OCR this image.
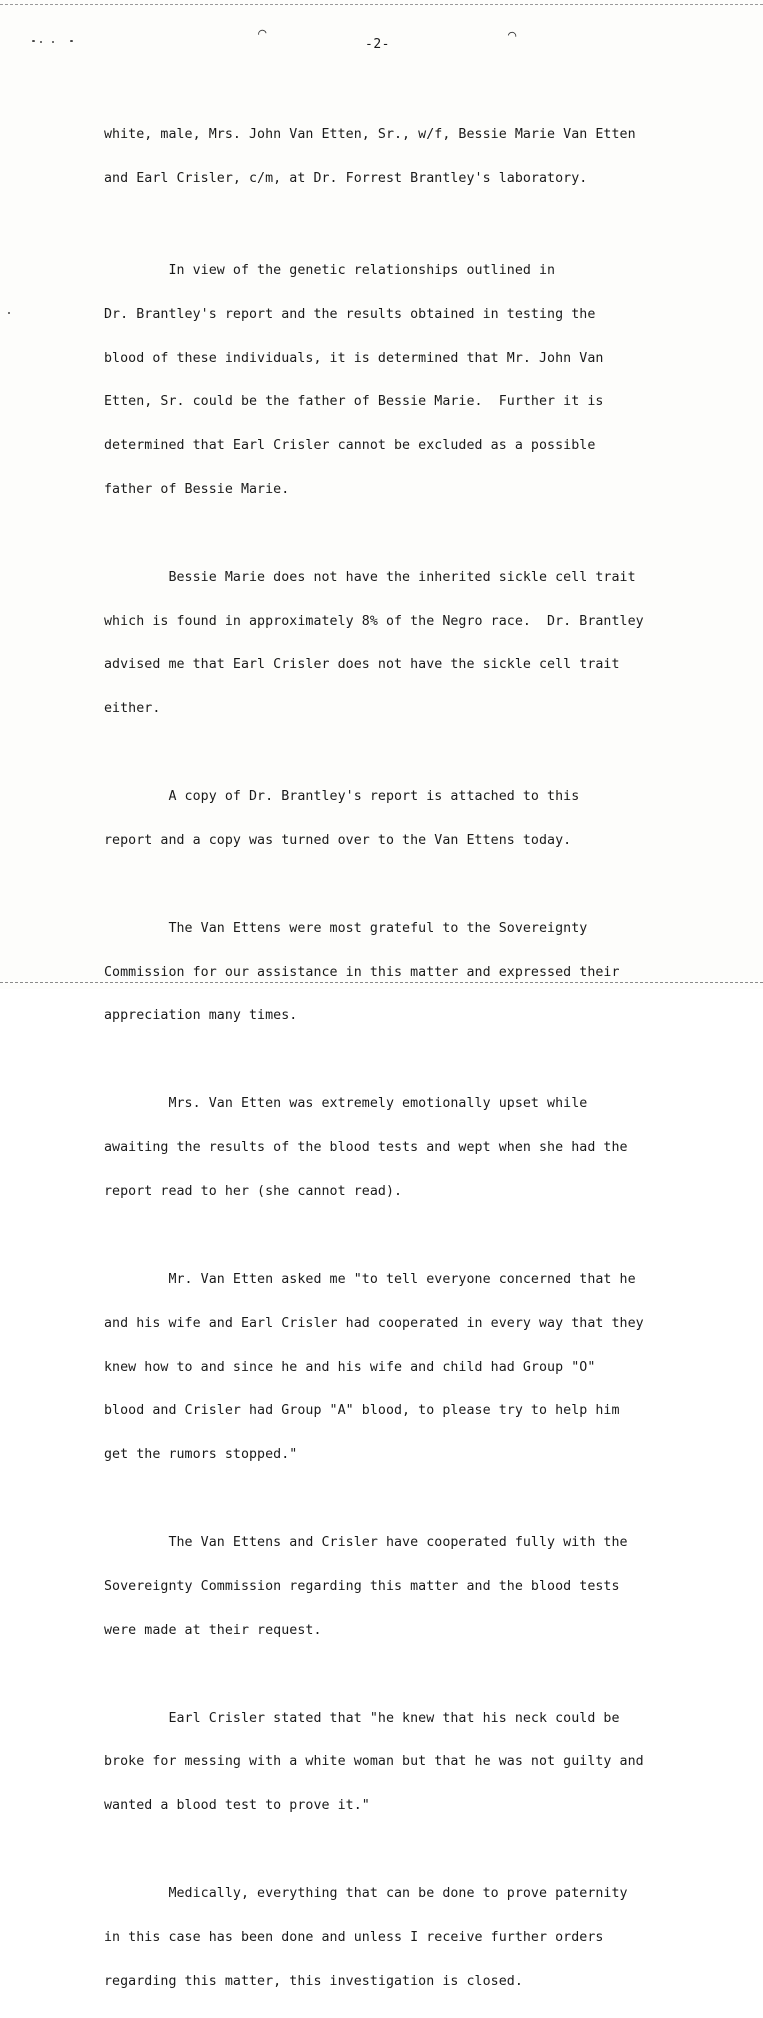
⌒	⌒
-2-

white, male, Mrs. John Van Etten, Sr., w/f, Bessie Marie Van Etten

and Earl Crisler, c/m, at Dr. Forrest Brantley's laboratory.

In view of the genetic relationships outlined in

Dr. Brantley's report and the results obtained in testing the

blood of these individuals, it is determined that Mr. John Van

Etten, Sr. could be the father of Bessie Marie.  Further it is

determined that Earl Crisler cannot be excluded as a possible

father of Bessie Marie.

Bessie Marie does not have the inherited sickle cell trait

which is found in approximately 8% of the Negro race.  Dr. Brantley

advised me that Earl Crisler does not have the sickle cell trait

either.

A copy of Dr. Brantley's report is attached to this

report and a copy was turned over to the Van Ettens today.

The Van Ettens were most grateful to the Sovereignty

Commission for our assistance in this matter and expressed their

appreciation many times.

Mrs. Van Etten was extremely emotionally upset while

awaiting the results of the blood tests and wept when she had the

report read to her (she cannot read).

Mr. Van Etten asked me "to tell everyone concerned that he

and his wife and Earl Crisler had cooperated in every way that they

knew how to and since he and his wife and child had Group "O"

blood and Crisler had Group "A" blood, to please try to help him

get the rumors stopped."

The Van Ettens and Crisler have cooperated fully with the

Sovereignty Commission regarding this matter and the blood tests

were made at their request.

Earl Crisler stated that "he knew that his neck could be

broke for messing with a white woman but that he was not guilty and

wanted a blood test to prove it."

Medically, everything that can be done to prove paternity

in this case has been done and unless I receive further orders

regarding this matter, this investigation is closed.
